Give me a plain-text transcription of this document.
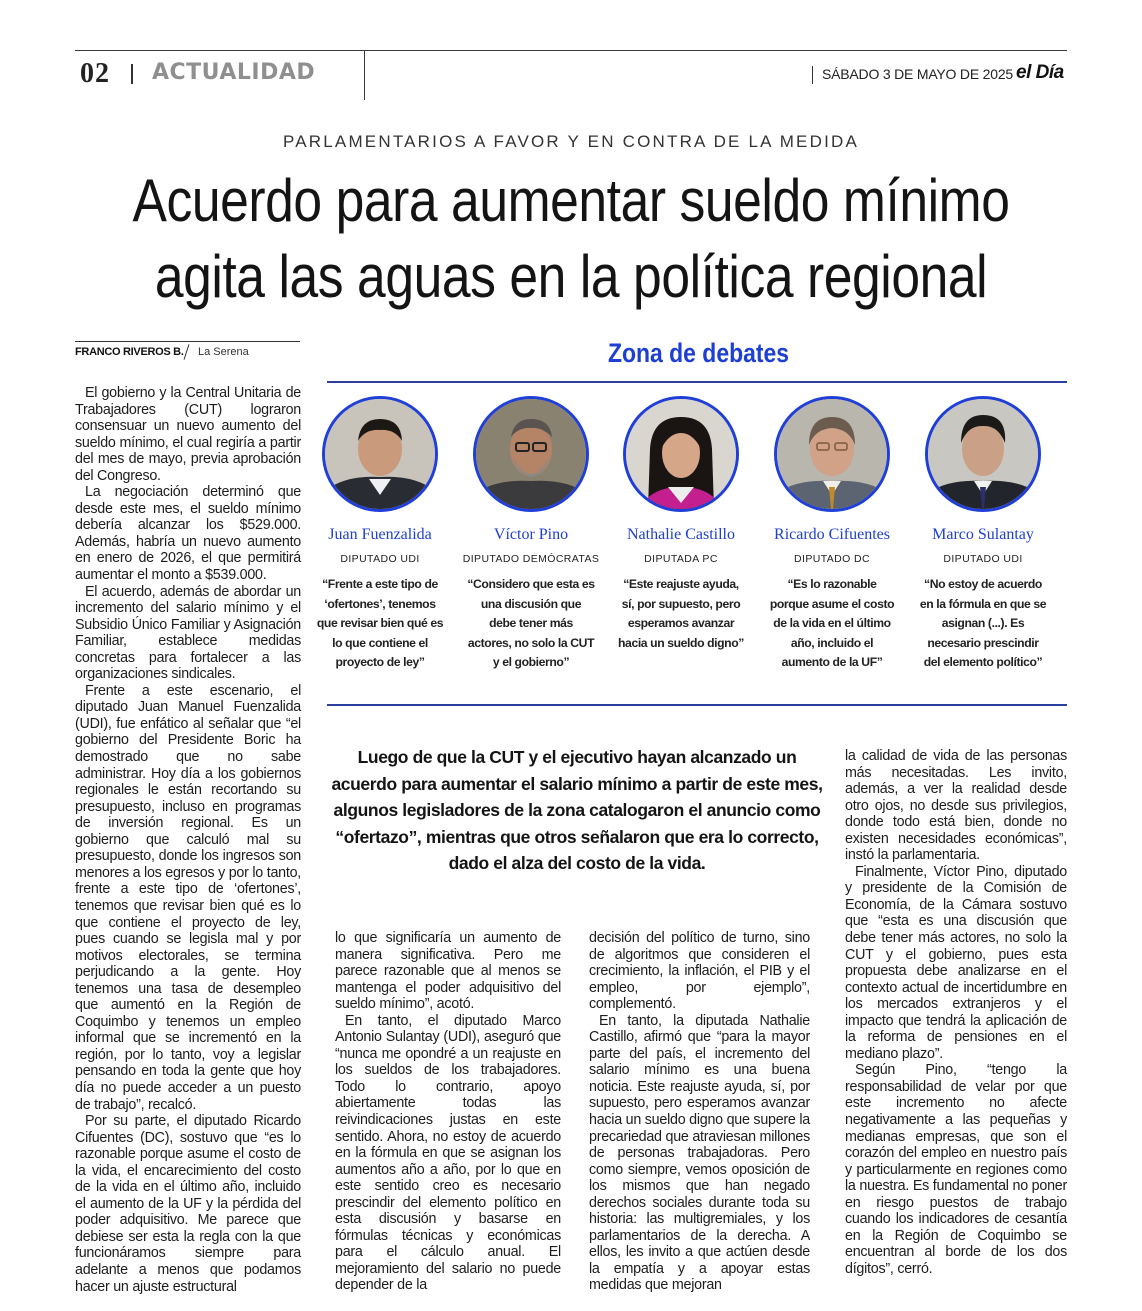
02 ACTUALIDAD	SÁBADO 3 DE MAYO DE 2025 el Día
PARLAMENTARIOS A FAVOR Y EN CONTRA DE LA MEDIDA
Acuerdo para aumentar sueldo mínimo
agita las aguas en la política regional
FRANCO RIVEROS B. La Serena

El gobierno y la Central Unitaria de Trabajadores (CUT) lograron consensuar un nuevo aumento del sueldo mínimo, el cual regiría a partir del mes de mayo, previa aprobación del Congreso.

La negociación determinó que desde este mes, el sueldo mínimo debería alcanzar los $529.000. Además, habría un nuevo aumento en enero de 2026, el que permitirá aumentar el monto a $539.000.

El acuerdo, además de abordar un incremento del salario mínimo y el Subsidio Único Familiar y Asignación Familiar, establece medidas concretas para fortalecer a las organizaciones sindicales.

Frente a este escenario, el diputado Juan Manuel Fuenzalida (UDI), fue enfático al señalar que “el gobierno del Presidente Boric ha demostrado que no sabe administrar. Hoy día a los gobiernos regionales le están recortando su presupuesto, incluso en programas de inversión regional. Es un gobierno que calculó mal su presupuesto, donde los ingresos son menores a los egresos y por lo tanto, frente a este tipo de ‘ofertones’, tenemos que revisar bien qué es lo que contiene el proyecto de ley, pues cuando se legisla mal y por motivos electorales, se termina perjudicando a la gente. Hoy tenemos una tasa de desempleo que aumentó en la Región de Coquimbo y tenemos un empleo informal que se incrementó en la región, por lo tanto, voy a legislar pensando en toda la gente que hoy día no puede acceder a un puesto de trabajo”, recalcó.

Por su parte, el diputado Ricardo Cifuentes (DC), sostuvo que “es lo razonable porque asume el costo de la vida, el encarecimiento del costo de la vida en el último año, incluido el aumento de la UF y la pérdida del poder adquisitivo. Me parece que debiese ser esta la regla con la que funcionáramos siempre para adelante a menos que podamos hacer un ajuste estructural

Zona de debates
Juan Fuenzalida
DIPUTADO UDI
“Frente a este tipo de ‘ofertones’, tenemos que revisar bien qué es lo que contiene el proyecto de ley”
Víctor Pino
DIPUTADO DEMÓCRATAS
“Considero que esta es una discusión que debe tener más actores, no solo la CUT y el gobierno”
Nathalie Castillo
DIPUTADA PC
“Este reajuste ayuda, sí, por supuesto, pero esperamos avanzar hacia un sueldo digno”
Ricardo Cifuentes
DIPUTADO DC
“Es lo razonable porque asume el costo de la vida en el último año, incluido el aumento de la UF”
Marco Sulantay
DIPUTADO UDI
“No estoy de acuerdo en la fórmula en que se asignan (...). Es necesario prescindir del elemento político”
Luego de que la CUT y el ejecutivo hayan alcanzado un acuerdo para aumentar el salario mínimo a partir de este mes, algunos legisladores de la zona catalogaron el anuncio como “ofertazo”, mientras que otros señalaron que era lo correcto, dado el alza del costo de la vida.

lo que significaría un aumento de manera significativa. Pero me parece razonable que al menos se mantenga el poder adquisitivo del sueldo mínimo”, acotó.

En tanto, el diputado Marco Antonio Sulantay (UDI), aseguró que “nunca me opondré a un reajuste en los sueldos de los trabajadores. Todo lo contrario, apoyo abiertamente todas las reivindicaciones justas en este sentido. Ahora, no estoy de acuerdo en la fórmula en que se asignan los aumentos año a año, por lo que en este sentido creo es necesario prescindir del elemento político en esta discusión y basarse en fórmulas técnicas y económicas para el cálculo anual. El mejoramiento del salario no puede depender de la

decisión del político de turno, sino de algoritmos que consideren el crecimiento, la inflación, el PIB y el empleo, por ejemplo”, complementó.

En tanto, la diputada Nathalie Castillo, afirmó que “para la mayor parte del país, el incremento del salario mínimo es una buena noticia. Este reajuste ayuda, sí, por supuesto, pero esperamos avanzar hacia un sueldo digno que supere la precariedad que atraviesan millones de personas trabajadoras. Pero como siempre, vemos oposición de los mismos que han negado derechos sociales durante toda su historia: las multigremiales, y los parlamentarios de la derecha. A ellos, les invito a que actúen desde la empatía y a apoyar estas medidas que mejoran

la calidad de vida de las personas más necesitadas. Les invito, además, a ver la realidad desde otro ojos, no desde sus privilegios, donde todo está bien, donde no existen necesidades económicas”, instó la parlamentaria.

Finalmente, Víctor Pino, diputado y presidente de la Comisión de Economía, de la Cámara sostuvo que “esta es una discusión que debe tener más actores, no solo la CUT y el gobierno, pues esta propuesta debe analizarse en el contexto actual de incertidumbre en los mercados extranjeros y el impacto que tendrá la aplicación de la reforma de pensiones en el mediano plazo”.

Según Pino, “tengo la responsabilidad de velar por que este incremento no afecte negativamente a las pequeñas y medianas empresas, que son el corazón del empleo en nuestro país y particularmente en regiones como la nuestra. Es fundamental no poner en riesgo puestos de trabajo cuando los indicadores de cesantía en la Región de Coquimbo se encuentran al borde de los dos dígitos”, cerró.
